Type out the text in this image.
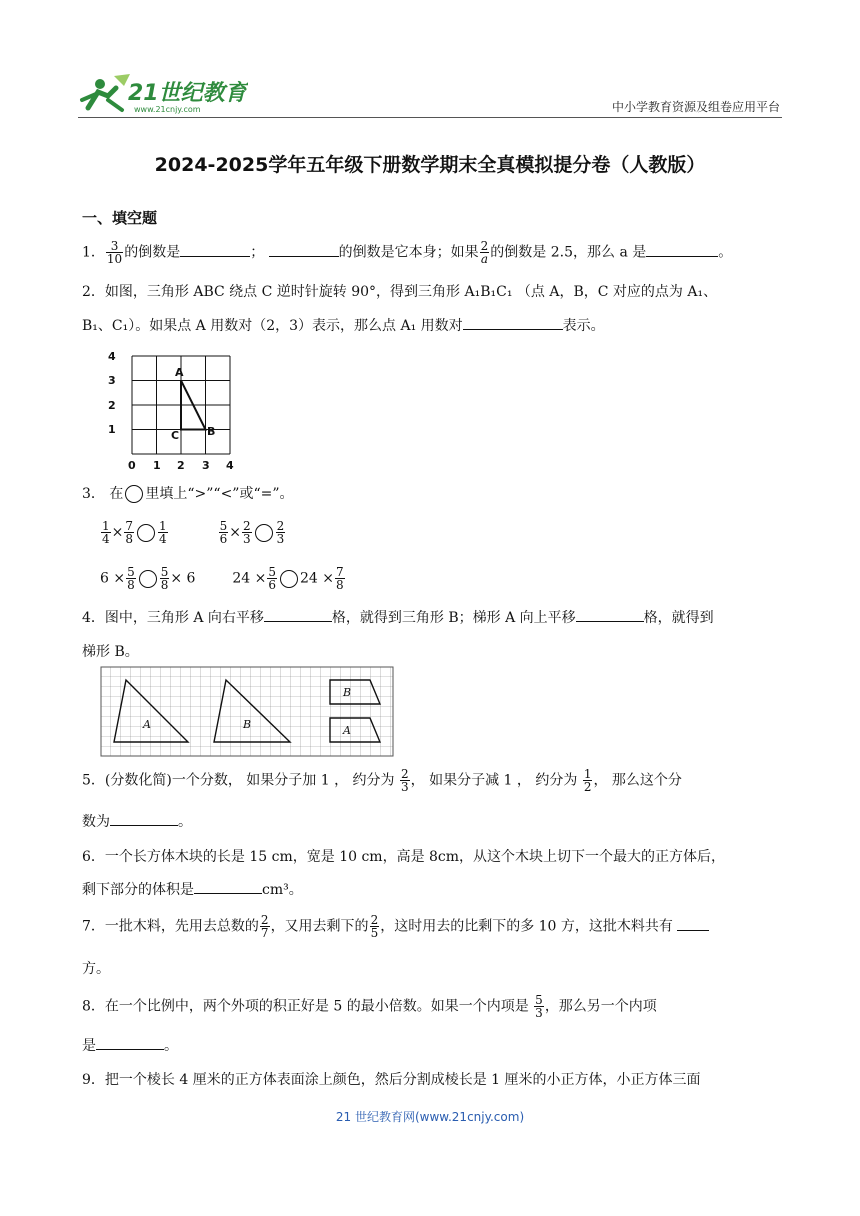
21世纪教育
www.21cnjy.com	中小学教育资源及组卷应用平台
2024-2025学年五年级下册数学期末全真模拟提分卷（人教版）
一、填空题
1． $\frac{3}{10}$ 的倒数是	；	的倒数是它本身；如果 $\frac{2}{a}$ 的倒数是 2.5，那么 a 是	。
2．如图，三角形 ABC 绕点 C 逆时针旋转 90°，得到三角形 A₁B₁C₁ （点 A，B，C 对应的点为 A₁、
B₁、C₁）。如果点 A 用数对（2，3）表示，那么点 A₁ 用数对	表示。
4
3
2
1
0 1 2 3 4
A
B
C
3． 在 里填上“>”“<”或“=”。
$\frac{1}{4} \times \frac{7}{8} \frac{1}{4}$
	$\frac{5}{6} \times \frac{2}{3} \frac{2}{3}$
$6 \times \frac{5}{8} \frac{5}{8} \times 6$	$24 \times \frac{5}{6} 24 \times \frac{7}{8}$
4．图中，三角形 A 向右平移	格，就得到三角形 B；梯形 A 向上平移	格，就得到
梯形 B。
A	B
B
A
5．(分数化简)一个分数， 如果分子加 1 ， 约分为 $\frac{2}{3}$ ， 如果分子减 1 ， 约分为 $\frac{1}{2}$ ， 那么这个分
数为	。
6．一个长方体木块的长是 15 cm，宽是 10 cm，高是 8cm，从这个木块上切下一个最大的正方体后，
剩下部分的体积是	cm³。
7．一批木料，先用去总数的 $\frac{2}{7}$ ，又用去剩下的 $\frac{2}{5}$ ，这时用去的比剩下的多 10 方，这批木料共有
方。
8．在一个比例中，两个外项的积正好是 5 的最小倍数。如果一个内项是 $\frac{5}{3}$ ，那么另一个内项
是	。
9．把一个棱长 4 厘米的正方体表面涂上颜色，然后分割成棱长是 1 厘米的小正方体，小正方体三面
21 世纪教育网(www.21cnjy.com)
